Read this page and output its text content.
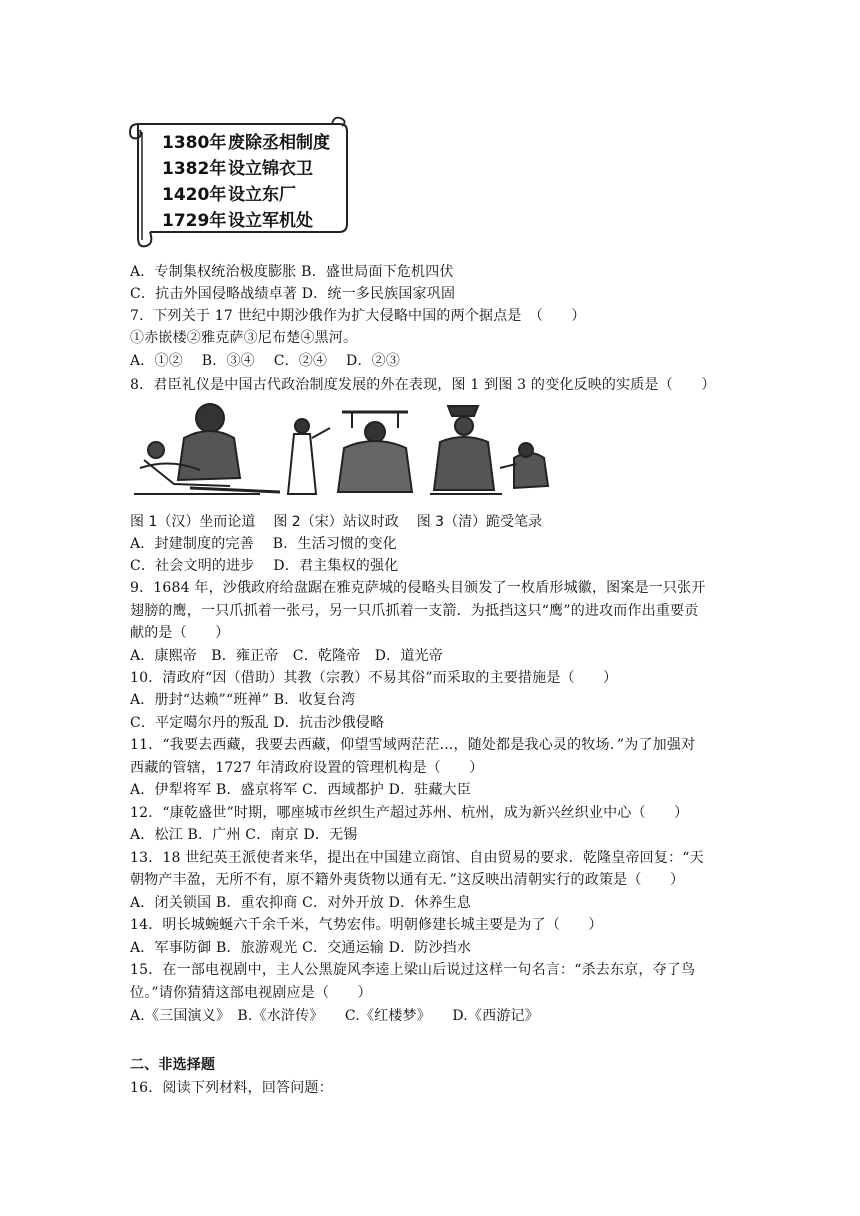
1380年废除丞相制度
1382年设立锦衣卫
1420年设立东厂
1729年设立军机处
A．专制集权统治极度膨胀 B．盛世局面下危机四伏
C．抗击外国侵略战绩卓著 D．统一多民族国家巩固
7．下列关于 17 世纪中期沙俄作为扩大侵略中国的两个据点是　（　　）
①赤嵌楼②雅克萨③尼布楚④黑河。
A．①②　 B．③④　 C．②④　 D．②③
8．君臣礼仪是中国古代政治制度发展的外在表现，图 1 到图 3 的变化反映的实质是（　　）
图 1（汉）坐而论道 图 2（宋）站议时政 图 3（清）跪受笔录
A．封建制度的完善　 B．生活习惯的变化
C．社会文明的进步　 D．君主集权的强化
9．1684 年，沙俄政府给盘踞在雅克萨城的侵略头目颁发了一枚盾形城徽，图案是一只张开
翅膀的鹰，一只爪抓着一张弓，另一只爪抓着一支箭．为抵挡这只“鹰”的进攻而作出重要贡
献的是（　　）
A．康熙帝　B．雍正帝　C．乾隆帝　D．道光帝
10．清政府“因（借助）其教（宗教）不易其俗”而采取的主要措施是（　　）
A．册封“达赖”“班禅” B．收复台湾
C．平定噶尔丹的叛乱 D．抗击沙俄侵略
11．“我要去西藏，我要去西藏，仰望雪域两茫茫...，随处都是我心灵的牧场．”为了加强对
西藏的管辖，1727 年清政府设置的管理机构是（　　）
A．伊犁将军 B．盛京将军 C．西域都护 D．驻藏大臣
12．“康乾盛世”时期，哪座城市丝织生产超过苏州、杭州，成为新兴丝织业中心（　　）
A．松江 B．广州 C．南京 D．无锡
13．18 世纪英王派使者来华，提出在中国建立商馆、自由贸易的要求．乾隆皇帝回复：“天
朝物产丰盈，无所不有，原不籍外夷货物以通有无．”这反映出清朝实行的政策是（　　）
A．闭关锁国 B．重农抑商 C．对外开放 D．休养生息
14．明长城蜿蜒六千余千米，气势宏伟。明朝修建长城主要是为了（　　）
A．军事防御 B．旅游观光 C．交通运输 D．防沙挡水
15．在一部电视剧中，主人公黑旋风李逵上梁山后说过这样一句名言：“杀去东京，夺了鸟
位。”请你猜猜这部电视剧应是（　　）
A.《三国演义》　B.《水浒传》　　C.《红楼梦》　　D.《西游记》
二、非选择题
16．阅读下列材料，回答问题：
